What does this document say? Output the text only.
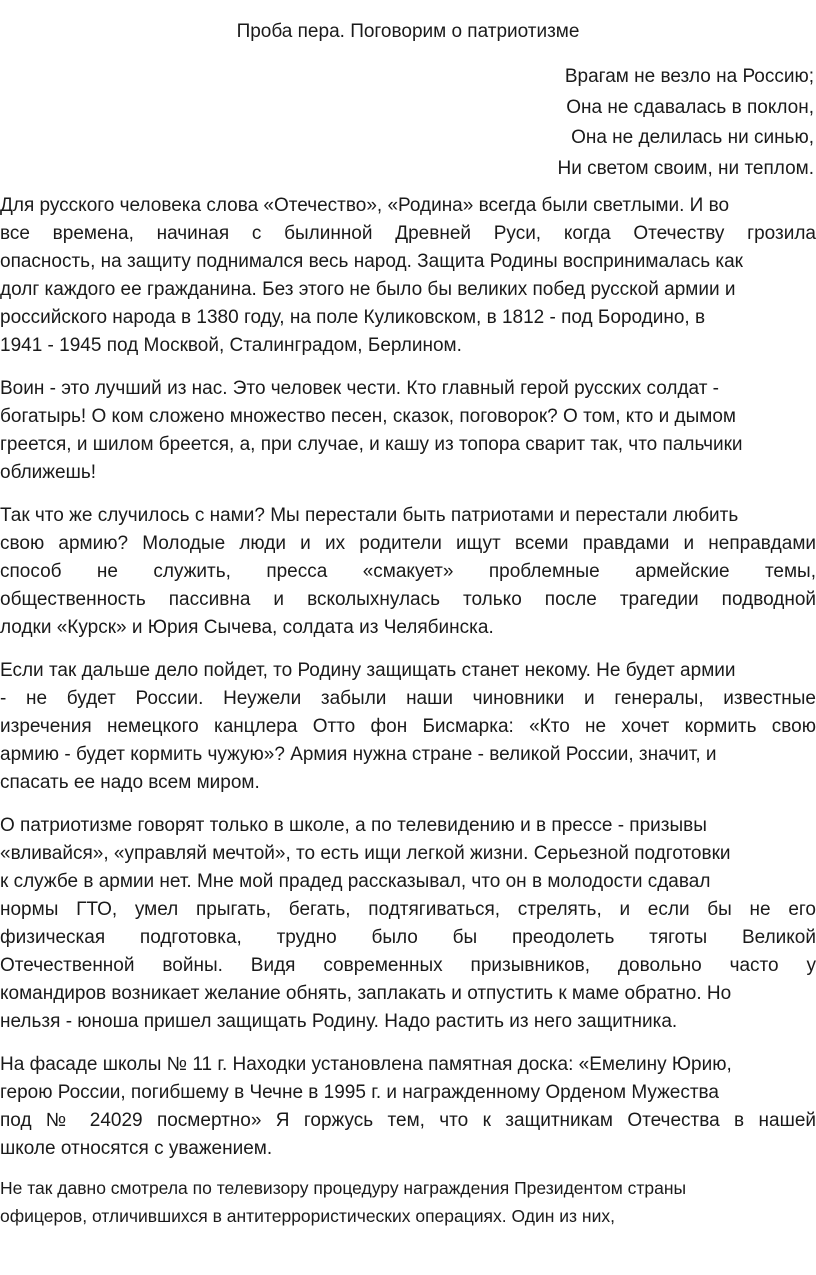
Проба пера. Поговорим о патриотизме
Врагам не везло на Россию;
Она не сдавалась в поклон,
Она не делилась ни синью,
Ни светом своим, ни теплом.
Для русского человека слова «Отечество», «Родина» всегда были светлыми. И во
все времена, начиная с былинной Древней Руси, когда Отечеству грозила
опасность, на защиту поднимался весь народ. Защита Родины воспринималась как
долг каждого ее гражданина. Без этого не было бы великих побед русской армии и
российского народа в 1380 году, на поле Куликовском, в 1812 - под Бородино, в
1941 - 1945 под Москвой, Сталинградом, Берлином.
Воин - это лучший из нас. Это человек чести. Кто главный герой русских солдат -
богатырь! О ком сложено множество песен, сказок, поговорок? О том, кто и дымом
греется, и шилом бреется, а, при случае, и кашу из топора сварит так, что пальчики
оближешь!
Так что же случилось с нами? Мы перестали быть патриотами и перестали любить
свою армию? Молодые люди и их родители ищут всеми правдами и неправдами
способ не служить, пресса «смакует» проблемные армейские темы,
общественность пассивна и всколыхнулась только после трагедии подводной
лодки «Курск» и Юрия Сычева, солдата из Челябинска.
Если так дальше дело пойдет, то Родину защищать станет некому. Не будет армии
- не будет России. Неужели забыли наши чиновники и генералы, известные
изречения немецкого канцлера Отто фон Бисмарка: «Кто не хочет кормить свою
армию - будет кормить чужую»? Армия нужна стране - великой России, значит, и
спасать ее надо всем миром.
О патриотизме говорят только в школе, а по телевидению и в прессе - призывы
«вливайся», «управляй мечтой», то есть ищи легкой жизни. Серьезной подготовки
к службе в армии нет. Мне мой прадед рассказывал, что он в молодости сдавал
нормы ГТО, умел прыгать, бегать, подтягиваться, стрелять, и если бы не его
физическая подготовка, трудно было бы преодолеть тяготы Великой
Отечественной войны. Видя современных призывников, довольно часто у
командиров возникает желание обнять, заплакать и отпустить к маме обратно. Но
нельзя - юноша пришел защищать Родину. Надо растить из него защитника.
На фасаде школы № 11 г. Находки установлена памятная доска: «Емелину Юрию,
герою России, погибшему в Чечне в 1995 г. и награжденному Орденом Мужества
под № 24029 посмертно» Я горжусь тем, что к защитникам Отечества в нашей
школе относятся с уважением.
Не так давно смотрела по телевизору процедуру награждения Президентом страны
офицеров, отличившихся в антитеррористических операциях. Один из них,
